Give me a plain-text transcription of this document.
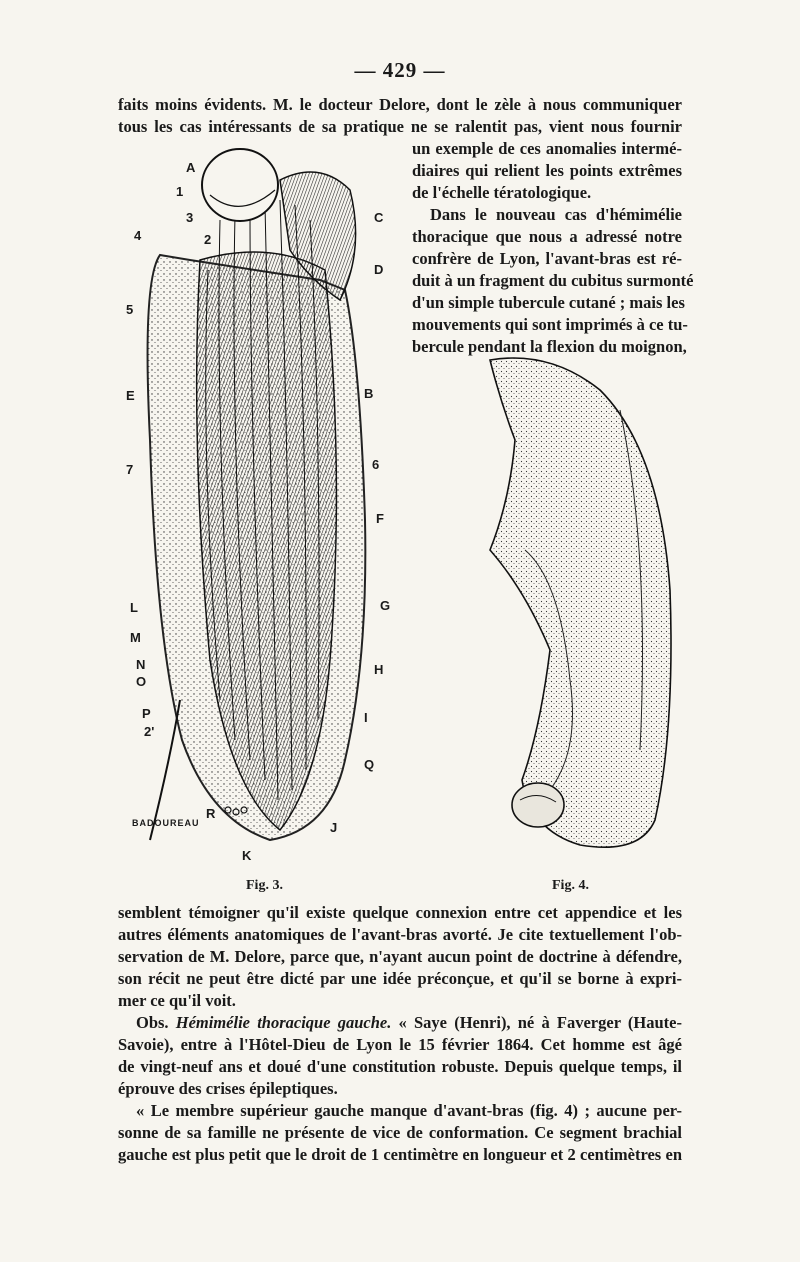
— 429 —
faits moins évidents. M. le docteur Delore, dont le zèle à nous communiquer
tous les cas intéressants de sa pratique ne se ralentit pas, vient nous fournir
un exemple de ces anomalies intermé-
diaires qui relient les points extrêmes
de l'échelle tératologique.
Dans le nouveau cas d'hémimélie
thoracique que nous a adressé notre
confrère de Lyon, l'avant-bras est ré-
duit à un fragment du cubitus surmonté
d'un simple tubercule cutané ; mais les
mouvements qui sont imprimés à ce tu-
bercule pendant la flexion du moignon,
A
1
3
4	2
5
E
7
L
M
N
O
P
2'
R
K
C
D
B
6
F
G
H
I
Q
J
BADOUREAU
Fig. 3.	Fig. 4.
semblent témoigner qu'il existe quelque connexion entre cet appendice et les
autres éléments anatomiques de l'avant-bras avorté. Je cite textuellement l'ob-
servation de M. Delore, parce que, n'ayant aucun point de doctrine à défendre,
son récit ne peut être dicté par une idée préconçue, et qu'il se borne à expri-
mer ce qu'il voit.
Obs. Hémimélie thoracique gauche. « Saye (Henri), né à Faverger (Haute-
Savoie), entre à l'Hôtel-Dieu de Lyon le 15 février 1864. Cet homme est âgé
de vingt-neuf ans et doué d'une constitution robuste. Depuis quelque temps, il
éprouve des crises épileptiques.
« Le membre supérieur gauche manque d'avant-bras (fig. 4) ; aucune per-
sonne de sa famille ne présente de vice de conformation. Ce segment brachial
gauche est plus petit que le droit de 1 centimètre en longueur et 2 centimètres en
